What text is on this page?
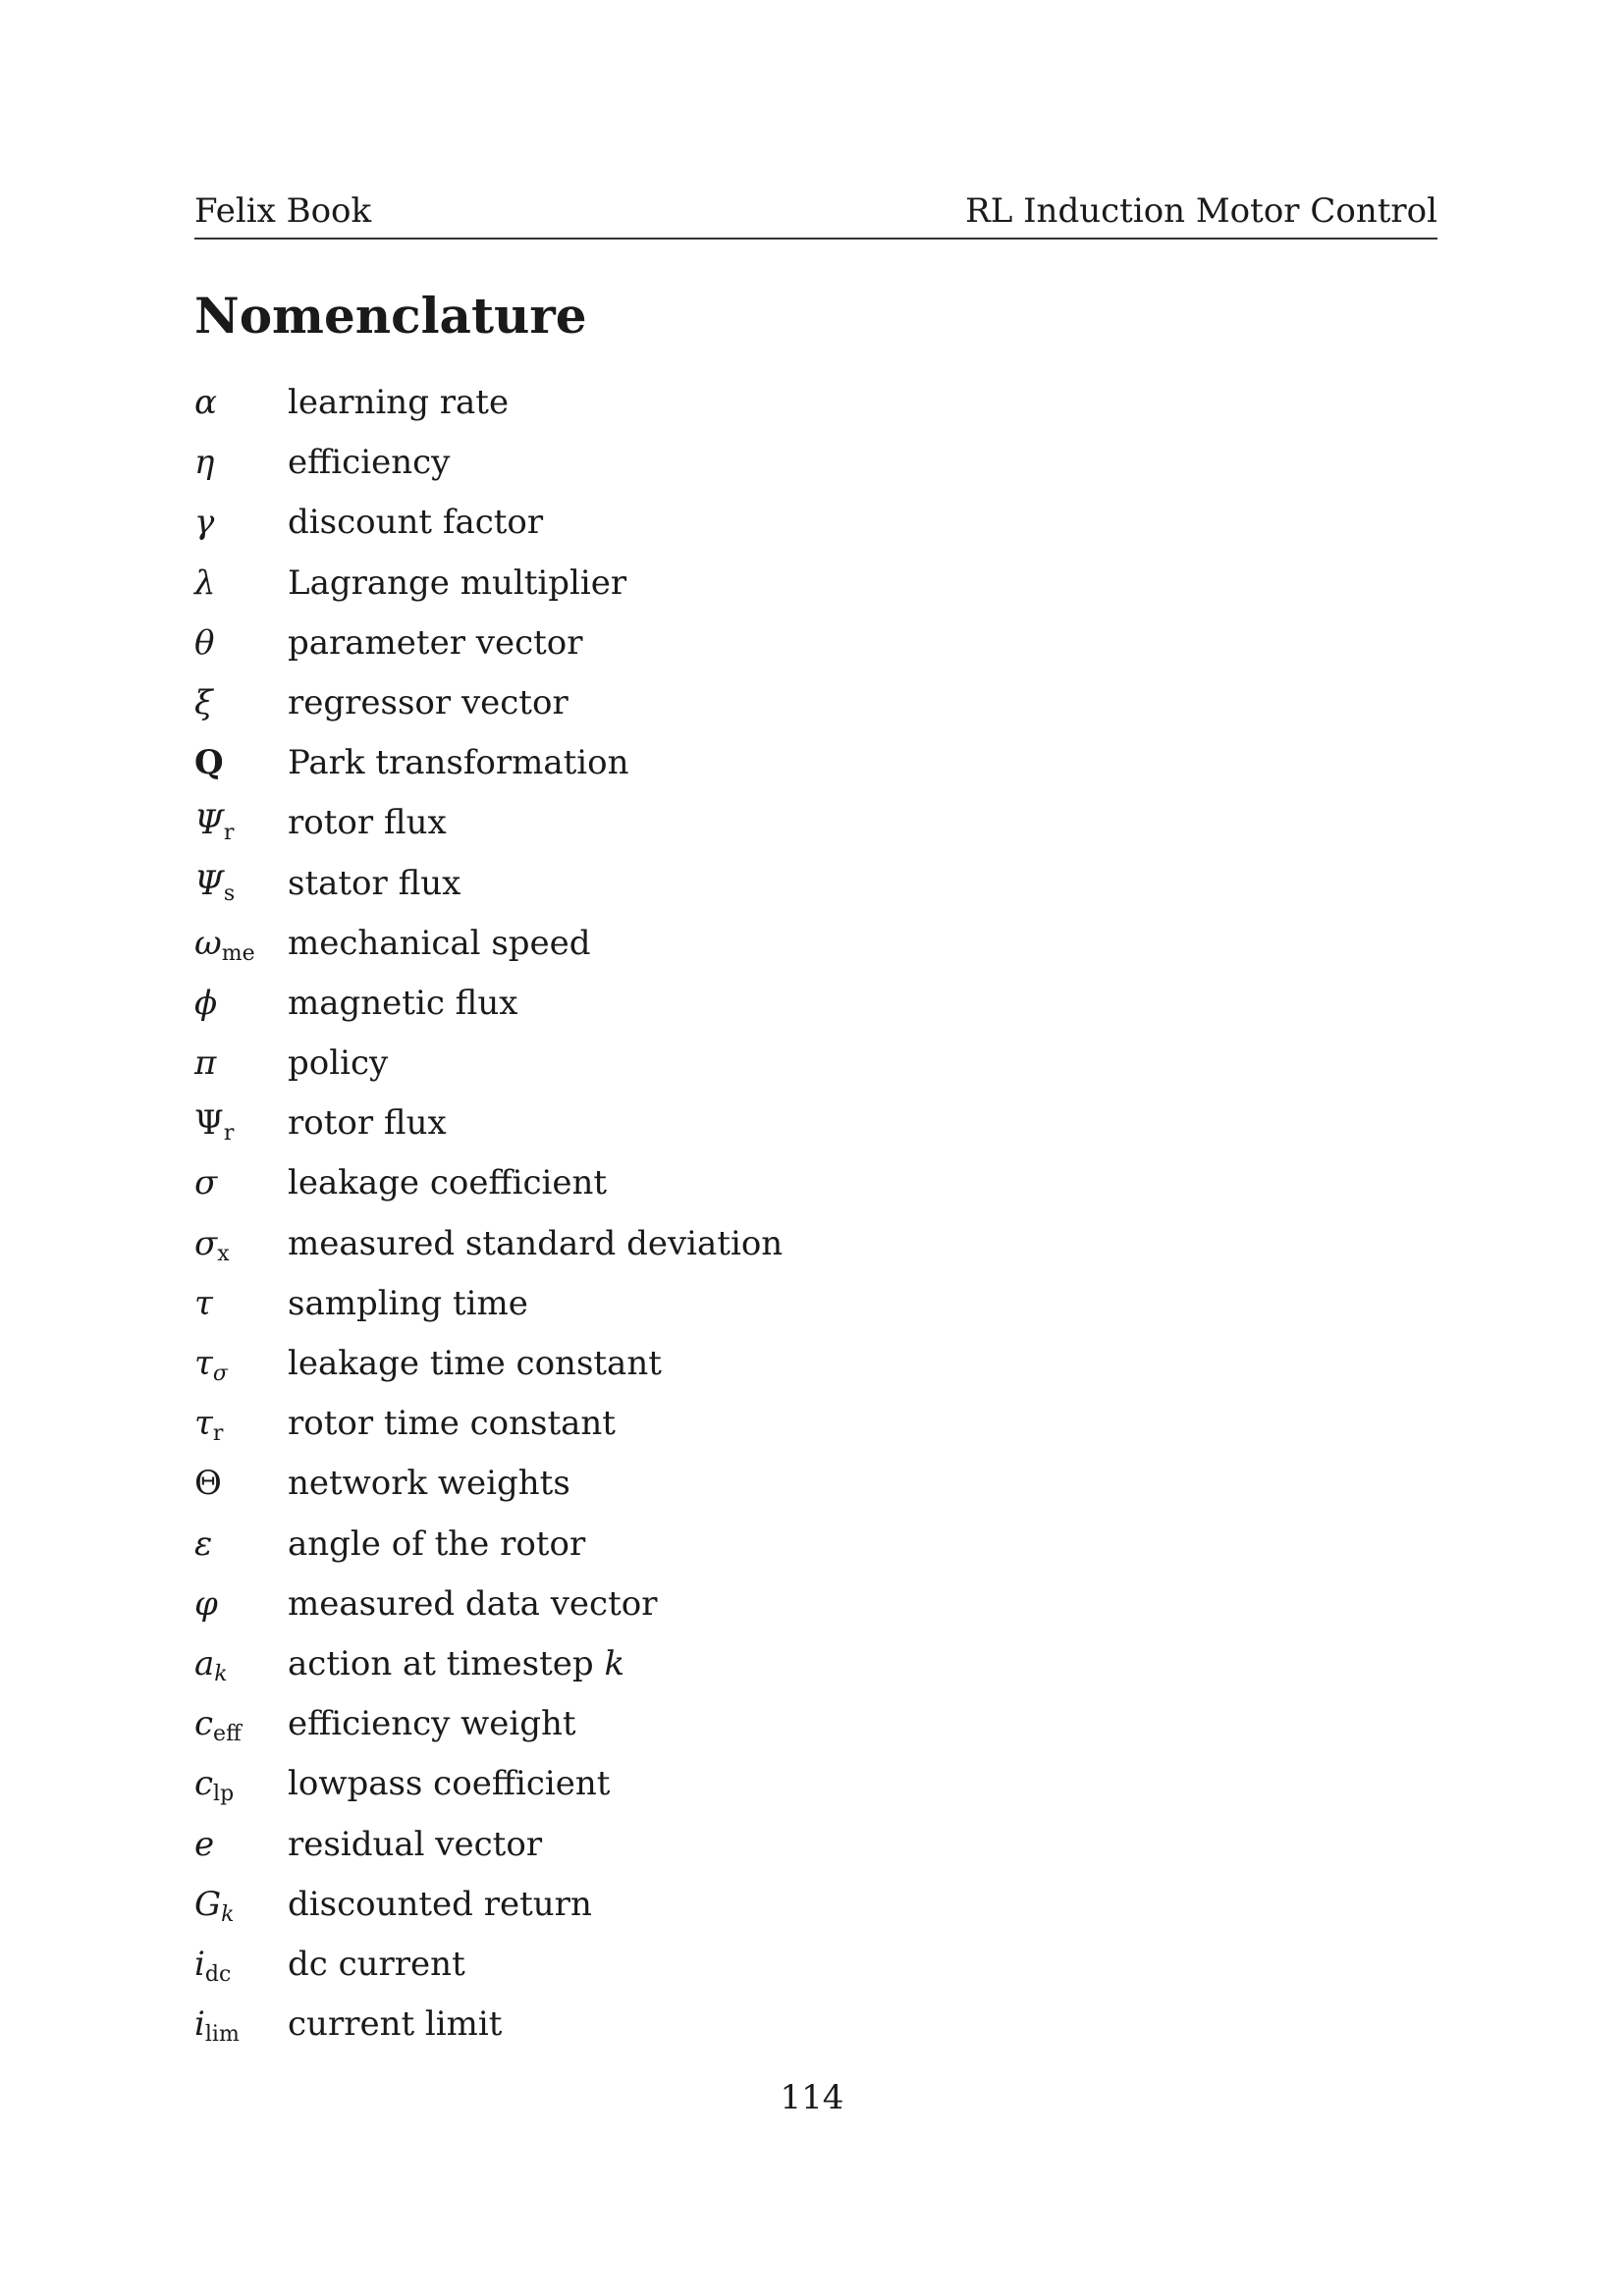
Felix Book	RL Induction Motor Control
Nomenclature
α	learning rate
η	efficiency
γ	discount factor
λ	Lagrange multiplier
θ	parameter vector
ξ	regressor vector
Q	Park transformation
$\Psi_r$	rotor flux
$\Psi_s$	stator flux
$\omega_{me}$ mechanical speed
ϕ	magnetic flux
π	policy
$\Psi_r$	rotor flux
σ	leakage coefficient
$\sigma_x$	measured standard deviation
τ	sampling time
$\tau_\sigma$	leakage time constant
$\tau_r$	rotor time constant
Θ	network weights
ε	angle of the rotor
φ	measured data vector
$a_k$	action at timestep k
$c_{eff}$	efficiency weight
$c_{lp}$	lowpass coefficient
e	residual vector
$G_k$	discounted return
$i_{dc}$	dc current
$i_{lim}$	current limit
114
